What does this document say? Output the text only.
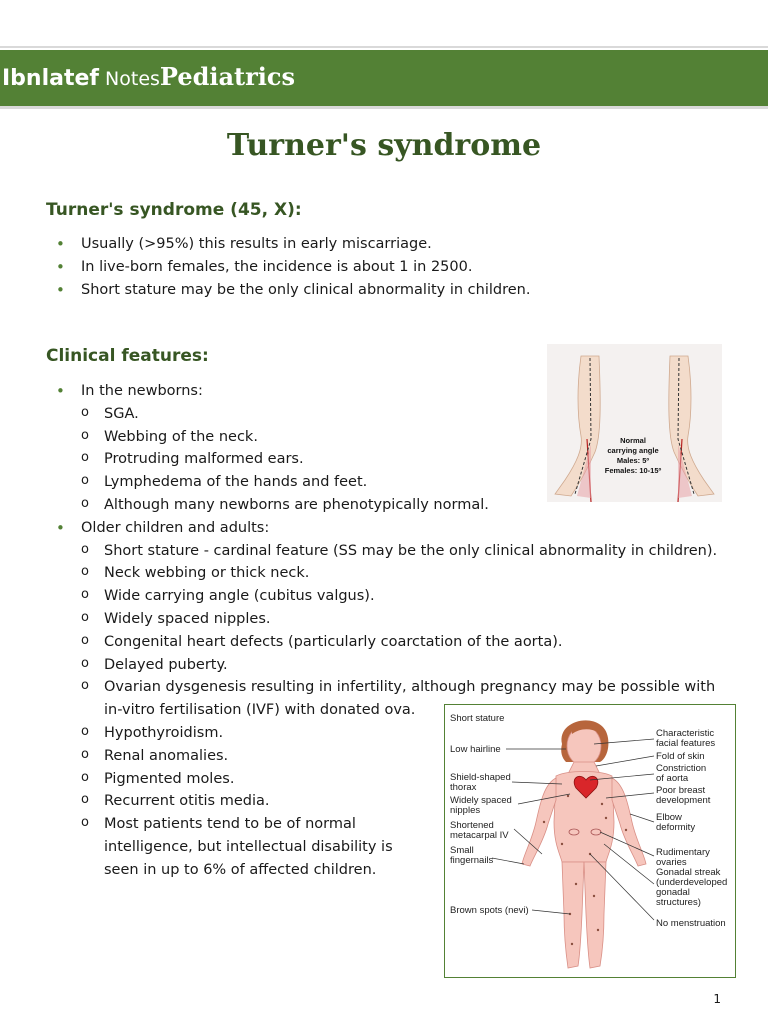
Ibnlatef NotesPediatrics
Turner's syndrome
Turner's syndrome (45, X):
• Usually (>95%) this results in early miscarriage.
• In live-born females, the incidence is about 1 in 2500.
• Short stature may be the only clinical abnormality in children.
Clinical features:
• In the newborns:
o SGA.
o Webbing of the neck.
o Protruding malformed ears.
o Lymphedema of the hands and feet.
o Although many newborns are phenotypically normal.
• Older children and adults:
o Short stature - cardinal feature (SS may be the only clinical abnormality in children).
o Neck webbing or thick neck.
o Wide carrying angle (cubitus valgus).
o Widely spaced nipples.
o Congenital heart defects (particularly coarctation of the aorta).
o Delayed puberty.
o Ovarian dysgenesis resulting in infertility, although pregnancy may be possible with
in-vitro fertilisation (IVF) with donated ova.
o Hypothyroidism.
o Renal anomalies.
o Pigmented moles.
o Recurrent otitis media.
o Most patients tend to be of normal
intelligence, but intellectual disability is
seen in up to 6% of affected children.
Normal
carrying angle
Males: 5º
Females: 10-15º
Short stature
Low hairline
Shield-shaped
thorax
Widely spaced
nipples
Shortened
metacarpal IV
Small
fingernails
Brown spots (nevi)
Characteristic
facial features
Fold of skin
Constriction
of aorta
Poor breast
development
Elbow
deformity
Rudimentary
ovaries
Gonadal streak
(underdeveloped
gonadal
structures)
No menstruation
1
